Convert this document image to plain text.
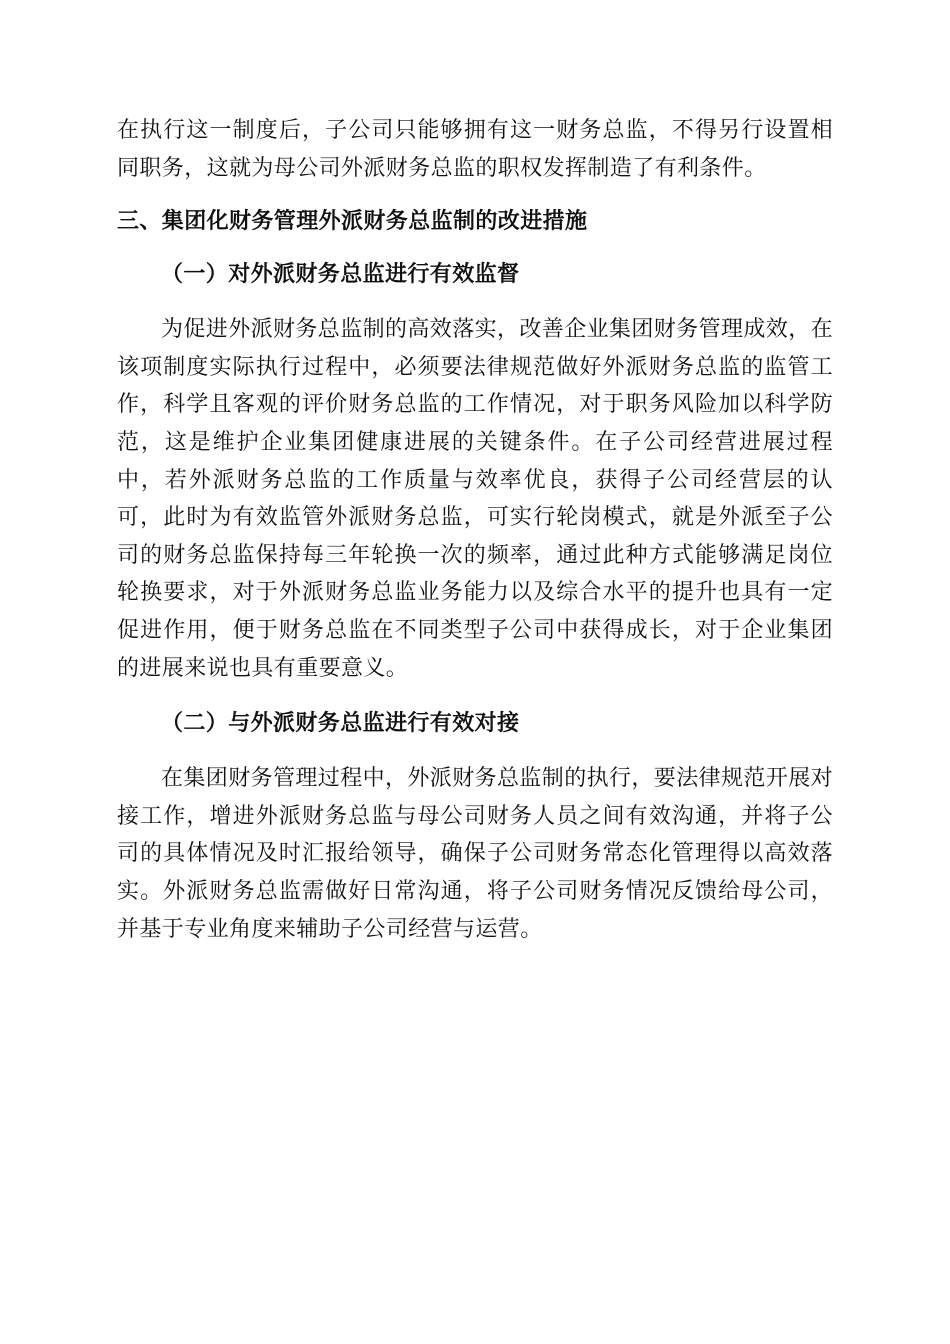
在执行这一制度后，子公司只能够拥有这一财务总监，不得另行设置相同职务，这就为母公司外派财务总监的职权发挥制造了有利条件。

三、集团化财务管理外派财务总监制的改进措施
（一）对外派财务总监进行有效监督

为促进外派财务总监制的高效落实，改善企业集团财务管理成效，在该项制度实际执行过程中，必须要法律规范做好外派财务总监的监管工作，科学且客观的评价财务总监的工作情况，对于职务风险加以科学防范，这是维护企业集团健康进展的关键条件。在子公司经营进展过程中，若外派财务总监的工作质量与效率优良，获得子公司经营层的认可，此时为有效监管外派财务总监，可实行轮岗模式，就是外派至子公司的财务总监保持每三年轮换一次的频率，通过此种方式能够满足岗位轮换要求，对于外派财务总监业务能力以及综合水平的提升也具有一定促进作用，便于财务总监在不同类型子公司中获得成长，对于企业集团的进展来说也具有重要意义。

（二）与外派财务总监进行有效对接

在集团财务管理过程中，外派财务总监制的执行，要法律规范开展对接工作，增进外派财务总监与母公司财务人员之间有效沟通，并将子公司的具体情况及时汇报给领导，确保子公司财务常态化管理得以高效落实。外派财务总监需做好日常沟通，将子公司财务情况反馈给母公司，并基于专业角度来辅助子公司经营与运营。
